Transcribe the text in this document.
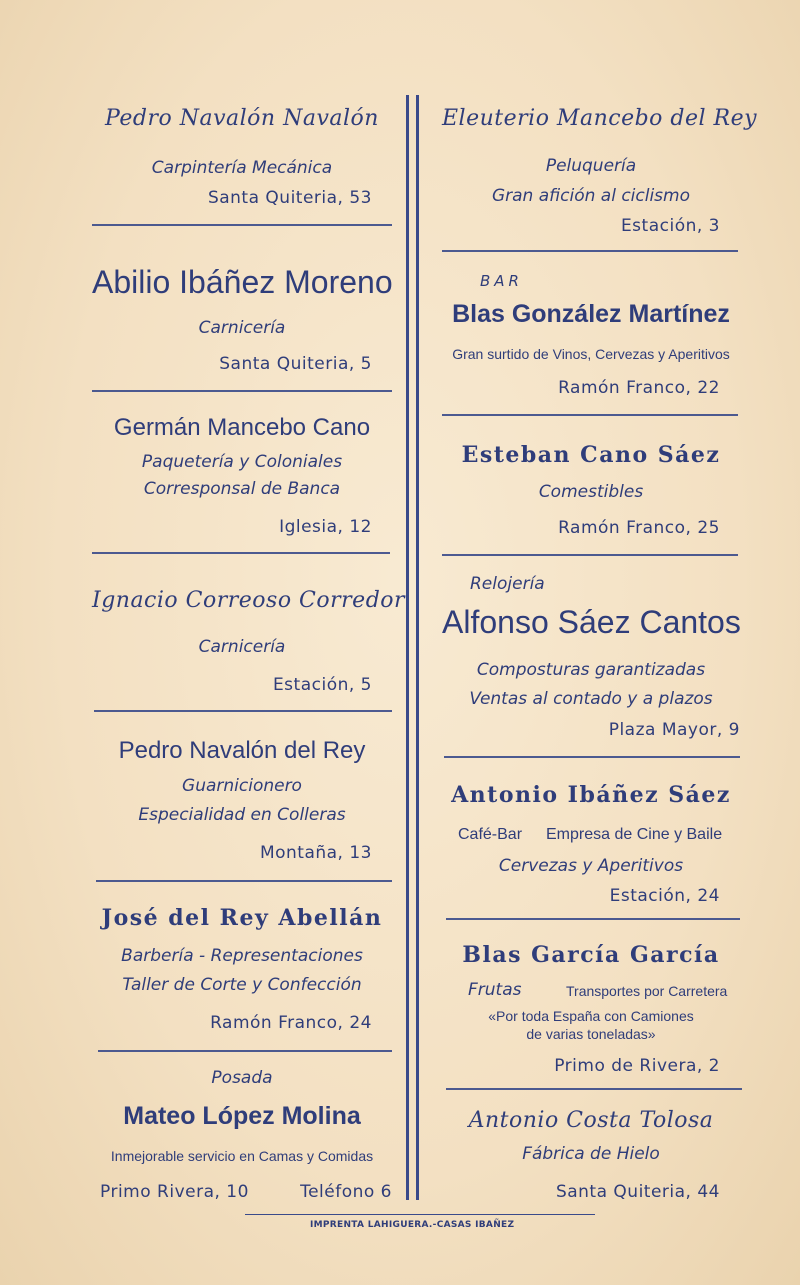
Pedro Navalón Navalón
Carpintería Mecánica
Santa Quiteria, 53
Abilio Ibáñez Moreno
Carnicería
Santa Quiteria, 5
Germán Mancebo Cano
Paquetería y Coloniales
Corresponsal de Banca
Iglesia, 12
Ignacio Correoso Corredor
Carnicería
Estación, 5
Pedro Navalón del Rey
Guarnicionero
Especialidad en Colleras
Montaña, 13
José del Rey Abellán
Barbería - Representaciones
Taller de Corte y Confección
Ramón Franco, 24
Posada
Mateo López Molina
Inmejorable servicio en Camas y Comidas
Primo Rivera, 10	Teléfono 6
Eleuterio Mancebo del Rey
Peluquería
Gran afición al ciclismo
Estación, 3
BAR
Blas González Martínez
Gran surtido de Vinos, Cervezas y Aperitivos
Ramón Franco, 22
Esteban Cano Sáez
Comestibles
Ramón Franco, 25
Relojería
Alfonso Sáez Cantos
Composturas garantizadas
Ventas al contado y a plazos
Plaza Mayor, 9
Antonio Ibáñez Sáez
Café-Bar Empresa de Cine y Baile
Cervezas y Aperitivos
Estación, 24
Blas García García
Frutas	Transportes por Carretera
«Por toda España con Camiones
de varias toneladas»
Primo de Rivera, 2
Antonio Costa Tolosa
Fábrica de Hielo
Santa Quiteria, 44
IMPRENTA LAHIGUERA.-CASAS IBAÑEZ
